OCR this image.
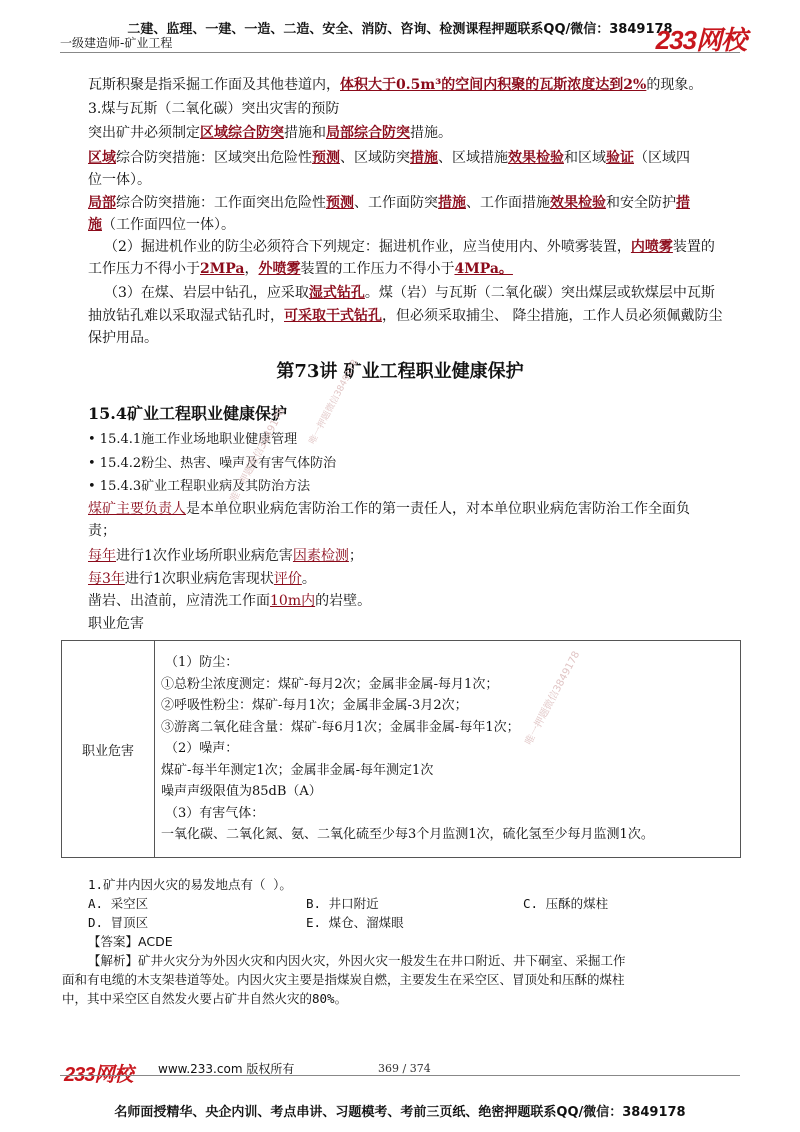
二建、监理、一建、一造、二造、安全、消防、咨询、检测课程押题联系QQ/微信：3849178
一级建造师-矿业工程	233网校
瓦斯积聚是指采掘工作面及其他巷道内，体积大于0.5m³的空间内积聚的瓦斯浓度达到2%的现象。
3.煤与瓦斯（二氧化碳）突出灾害的预防
突出矿井必须制定区域综合防突措施和局部综合防突措施。
区域综合防突措施：区域突出危险性预测、区域防突措施、区域措施效果检验和区域验证（区域四
位一体）。
局部综合防突措施：工作面突出危险性预测、工作面防突措施、工作面措施效果检验和安全防护措
施（工作面四位一体）。
（2）掘进机作业的防尘必须符合下列规定：掘进机作业，应当使用内、外喷雾装置，内喷雾装置的
工作压力不得小于2MPa，外喷雾装置的工作压力不得小于4MPa。
（3）在煤、岩层中钻孔，应采取湿式钻孔。煤（岩）与瓦斯（二氧化碳）突出煤层或软煤层中瓦斯
抽放钻孔难以采取湿式钻孔时，可采取干式钻孔，但必须采取捕尘、 降尘措施，工作人员必须佩戴防尘
保护用品。
第73讲 矿业工程职业健康保护
15.4矿业工程职业健康保护
• 15.4.1施工作业场地职业健康管理
• 15.4.2粉尘、热害、噪声及有害气体防治
• 15.4.3矿业工程职业病及其防治方法
煤矿主要负责人是本单位职业病危害防治工作的第一责任人，对本单位职业病危害防治工作全面负
责；
每年进行1次作业场所职业病危害因素检测；
每3年进行1次职业病危害现状评价。
凿岩、出渣前，应清洗工作面10m内的岩壁。
职业危害
职业危害	
（1）防尘：
①总粉尘浓度测定：煤矿-每月2次；金属非金属-每月1次；
②呼吸性粉尘：煤矿-每月1次；金属非金属-3月2次；
③游离二氧化硅含量：煤矿-每6月1次；金属非金属-每年1次；
（2）噪声：
煤矿-每半年测定1次；金属非金属-每年测定1次
噪声声级限值为85dB（A）
（3）有害气体：
一氧化碳、二氧化氮、氨、二氧化硫至少每3个月监测1次，硫化氢至少每月监测1次。
1.矿井内因火灾的易发地点有（ ）。
A. 采空区	B. 井口附近	C. 压酥的煤柱
D. 冒顶区	E. 煤仓、溜煤眼
【答案】ACDE
【解析】矿井火灾分为外因火灾和内因火灾，外因火灾一般发生在井口附近、井下硐室、采掘工作
面和有电缆的木支架巷道等处。内因火灾主要是指煤炭自燃，主要发生在采空区、冒顶处和压酥的煤柱
中，其中采空区自然发火要占矿井自然火灾的80%。
唯一押题微信3849178
唯一押题微信3849178
唯一押题微信3849178
233网校 www.233.com 版权所有	369 / 374
名师面授精华、央企内训、考点串讲、习题模考、考前三页纸、绝密押题联系QQ/微信：3849178
